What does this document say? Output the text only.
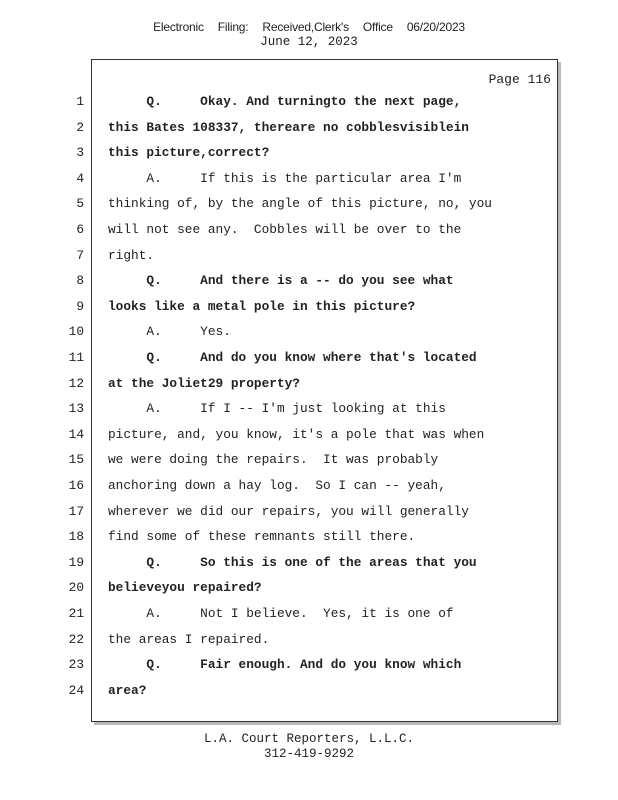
Electronic Filing: Received,Clerk's Office 06/20/2023
June 12, 2023
Page 116
1 Q.     Okay. And turningto the next page,
2 this Bates 108337, thereare no cobblesvisiblein
3 this picture,correct?
4 A.     If this is the particular area I'm
5 thinking of, by the angle of this picture, no, you
6 will not see any.  Cobbles will be over to the
7 right.
8 Q.     And there is a -- do you see what
9 looks like a metal pole in this picture?
10 A.     Yes.
11 Q.     And do you know where that's located
12 at the Joliet29 property?
13 A.     If I -- I'm just looking at this
14 picture, and, you know, it's a pole that was when
15 we were doing the repairs.  It was probably
16 anchoring down a hay log.  So I can -- yeah,
17 wherever we did our repairs, you will generally
18 find some of these remnants still there.
19 Q.     So this is one of the areas that you
20 believeyou repaired?
21 A.     Not I believe.  Yes, it is one of
22 the areas I repaired.
23 Q.     Fair enough. And do you know which
24 area?
L.A. Court Reporters, L.L.C.
312-419-9292
